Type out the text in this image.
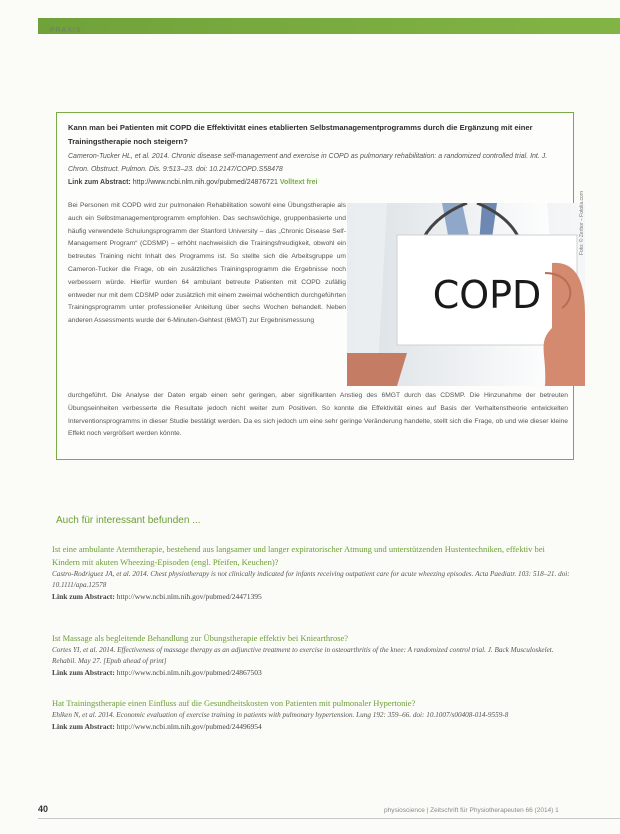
PRAXIS
Kann man bei Patienten mit COPD die Effektivität eines etablierten Selbstmanagementprogramms durch die Ergänzung mit einer Trainingstherapie noch steigern?
Cameron-Tucker HL, et al. 2014. Chronic disease self-management and exercise in COPD as pulmonary rehabilitation: a randomized controlled trial. Int. J. Chron. Obstruct. Pulmon. Dis. 9:513–23. doi: 10.2147/COPD.S58478
Link zum Abstract: http://www.ncbi.nlm.nih.gov/pubmed/24876721 Volltext frei

Bei Personen mit COPD wird zur pulmonalen Rehabilitation sowohl eine Übungstherapie als auch ein Selbstmanagementprogramm empfohlen. Das sechswöchige, gruppenbasierte und häufig verwendete Schulungsprogramm der Stanford University – das „Chronic Disease Self-Management Program“ (CDSMP) – erhöht nachweislich die Trainingsfreudigkeit, obwohl ein betreutes Training nicht Inhalt des Programms ist. So stellte sich die Arbeitsgruppe um Cameron-Tucker die Frage, ob ein zusätzliches Trainingsprogramm die Ergebnisse noch verbessern würde. Hierfür wurden 64 ambulant betreute Patienten mit COPD zufällig entweder nur mit dem CDSMP oder zusätzlich mit einem zweimal wöchentlich durchgeführten Trainingsprogramm unter professioneller Anleitung über sechs Wochen behandelt. Neben anderen Assessments wurde der 6-Minuten-Gehtest (6MGT) zur Ergebnismessung

COPD
Foto: © Zerbor – Fotolia.com

durchgeführt. Die Analyse der Daten ergab einen sehr geringen, aber signifikanten Anstieg des 6MGT durch das CDSMP. Die Hinzunahme der betreuten Übungseinheiten verbesserte die Resultate jedoch nicht weiter zum Positiven. So konnte die Effektivität eines auf Basis der Verhaltenstheorie entwickelten Interventionsprogramms in dieser Studie bestätigt werden. Da es sich jedoch um eine sehr geringe Veränderung handelte, stellt sich die Frage, ob und wie dieser kleine Effekt noch vergrößert werden könnte.

Auch für interessant befunden ...

Ist eine ambulante Atemtherapie, bestehend aus langsamer und langer expiratorischer Atmung und unterstützenden Hustentechniken, effektiv bei Kindern mit akuten Wheezing-Episoden (engl. Pfeifen, Keuchen)?

Castro-Rodriguez JA, et al. 2014. Chest physiotherapy is not clinically indicated for infants receiving outpatient care for acute wheezing episodes. Acta Paediatr. 103: 518–21. doi: 10.1111/apa.12578

Link zum Abstract: http://www.ncbi.nlm.nih.gov/pubmed/24471395

Ist Massage als begleitende Behandlung zur Übungstherapie effektiv bei Kniearthrose?

Cortes YI, et al. 2014. Effectiveness of massage therapy as an adjunctive treatment to exercise in osteoarthritis of the knee: A randomized control trial. J. Back Musculoskelet. Rehabil. May 27. [Epub ahead of print]

Link zum Abstract: http://www.ncbi.nlm.nih.gov/pubmed/24867503

Hat Trainingstherapie einen Einfluss auf die Gesundheitskosten von Patienten mit pulmonaler Hypertonie?

Ehlken N, et al. 2014. Economic evaluation of exercise training in patients with pulmonary hypertension. Lung 192: 359–66. doi: 10.1007/s00408-014-9559-8

Link zum Abstract: http://www.ncbi.nlm.nih.gov/pubmed/24496954

40	physioscience | Zeitschrift für Physiotherapeuten 66 (2014) 1
